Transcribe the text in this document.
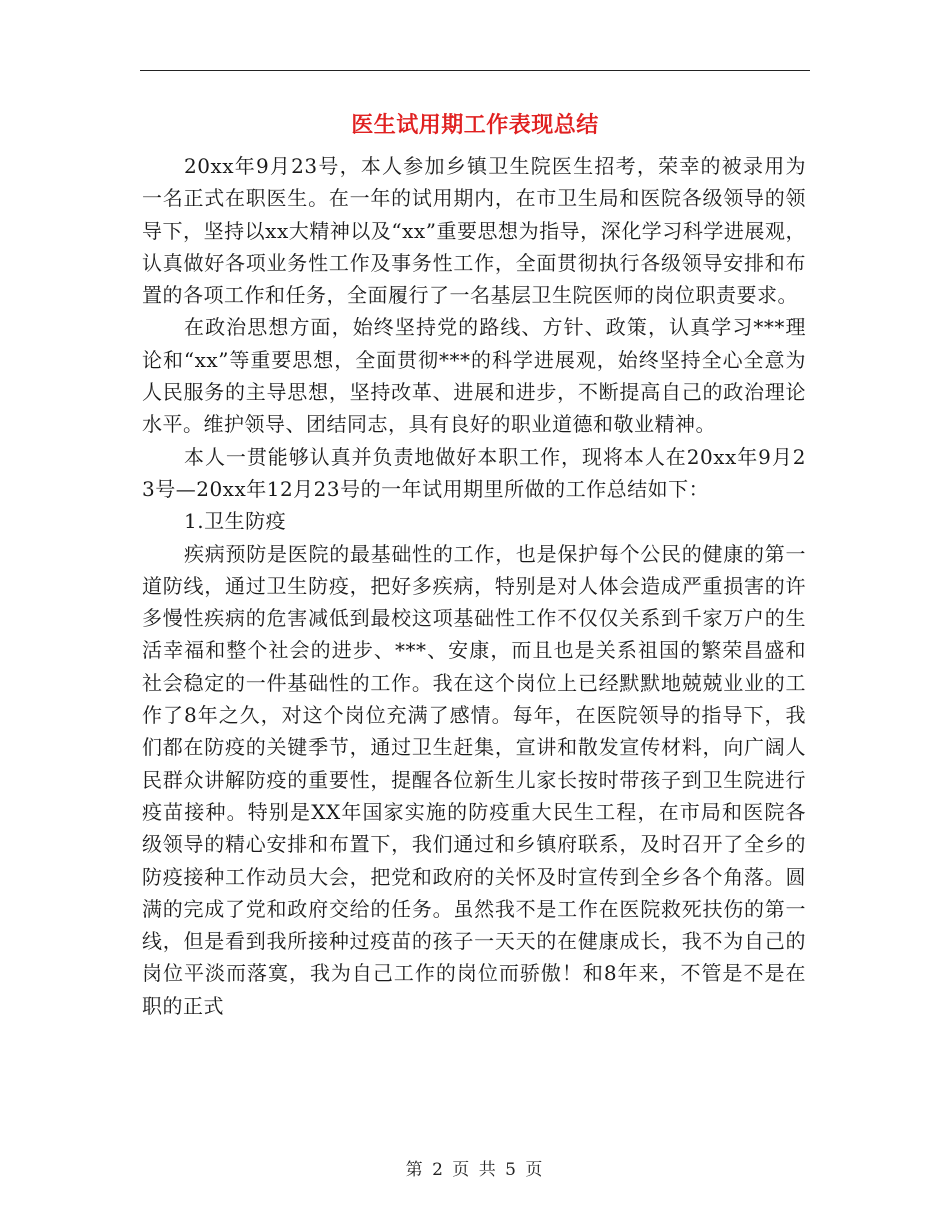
医生试用期工作表现总结

20xx年9月23号，本人参加乡镇卫生院医生招考，荣幸的被录用为一名正式在职医生。在一年的试用期内，在市卫生局和医院各级领导的领导下，坚持以xx大精神以及“xx”重要思想为指导，深化学习科学进展观，认真做好各项业务性工作及事务性工作，全面贯彻执行各级领导安排和布置的各项工作和任务，全面履行了一名基层卫生院医师的岗位职责要求。

在政治思想方面，始终坚持党的路线、方针、政策，认真学习***理论和“xx”等重要思想，全面贯彻***的科学进展观，始终坚持全心全意为人民服务的主导思想，坚持改革、进展和进步，不断提高自己的政治理论水平。维护领导、团结同志，具有良好的职业道德和敬业精神。

本人一贯能够认真并负责地做好本职工作，现将本人在20xx年9月23号—20xx年12月23号的一年试用期里所做的工作总结如下：

1.卫生防疫

疾病预防是医院的最基础性的工作，也是保护每个公民的健康的第一道防线，通过卫生防疫，把好多疾病，特别是对人体会造成严重损害的许多慢性疾病的危害减低到最校这项基础性工作不仅仅关系到千家万户的生活幸福和整个社会的进步、***、安康，而且也是关系祖国的繁荣昌盛和社会稳定的一件基础性的工作。我在这个岗位上已经默默地兢兢业业的工作了8年之久，对这个岗位充满了感情。每年，在医院领导的指导下，我们都在防疫的关键季节，通过卫生赶集，宣讲和散发宣传材料，向广阔人民群众讲解防疫的重要性，提醒各位新生儿家长按时带孩子到卫生院进行疫苗接种。特别是XX年国家实施的防疫重大民生工程，在市局和医院各级领导的精心安排和布置下，我们通过和乡镇府联系，及时召开了全乡的防疫接种工作动员大会，把党和政府的关怀及时宣传到全乡各个角落。圆满的完成了党和政府交给的任务。虽然我不是工作在医院救死扶伤的第一线，但是看到我所接种过疫苗的孩子一天天的在健康成长，我不为自己的岗位平淡而落寞，我为自己工作的岗位而骄傲！和8年来，不管是不是在职的正式

第 2 页 共 5 页
